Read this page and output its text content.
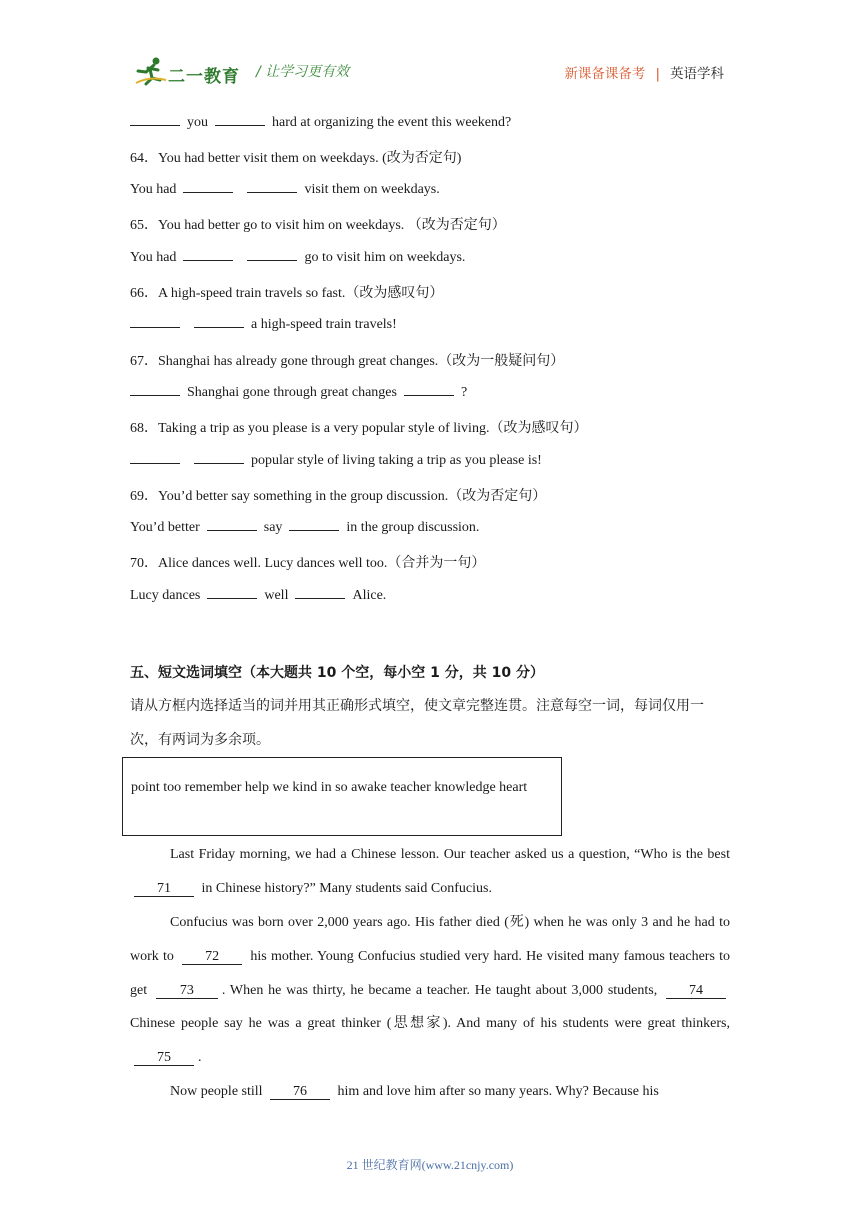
二一教育 / 让学习更有效	新课备课备考 | 英语学科
you	hard at organizing the event this weekend?
64．You had better visit them on weekdays. (改为否定句)
You had	visit them on weekdays.
65．You had better go to visit him on weekdays. （改为否定句）
You had	go to visit him on weekdays.
66．A high-speed train travels so fast.（改为感叹句）
a high-speed train travels!
67．Shanghai has already gone through great changes.（改为一般疑问句）
Shanghai gone through great changes	?
68．Taking a trip as you please is a very popular style of living.（改为感叹句）
popular style of living taking a trip as you please is!
69．You’d better say something in the group discussion.（改为否定句）
You’d better	say	in the group discussion.
70．Alice dances well. Lucy dances well too.（合并为一句）
Lucy dances	well	Alice.
五、短文选词填空（本大题共 10 个空，每小空 1 分，共 10 分）
请从方框内选择适当的词并用其正确形式填空，使文章完整连贯。注意每空一词，每词仅用一次，有两词为多余项。
point too remember help we kind in so awake teacher knowledge heart
Last Friday morning, we had a Chinese lesson. Our teacher asked us a question, “Who is the best 71 in Chinese history?” Many students said Confucius.
Confucius was born over 2,000 years ago. His father died (死) when he was only 3 and he had to work to 72 his mother. Young Confucius studied very hard. He visited many famous teachers to get 73 . When he was thirty, he became a teacher. He taught about 3,000 students, 74 Chinese people say he was a great thinker (思想家). And many of his students were great thinkers, 75 .
Now people still 76 him and love him after so many years. Why? Because his
21 世纪教育网(www.21cnjy.com)
